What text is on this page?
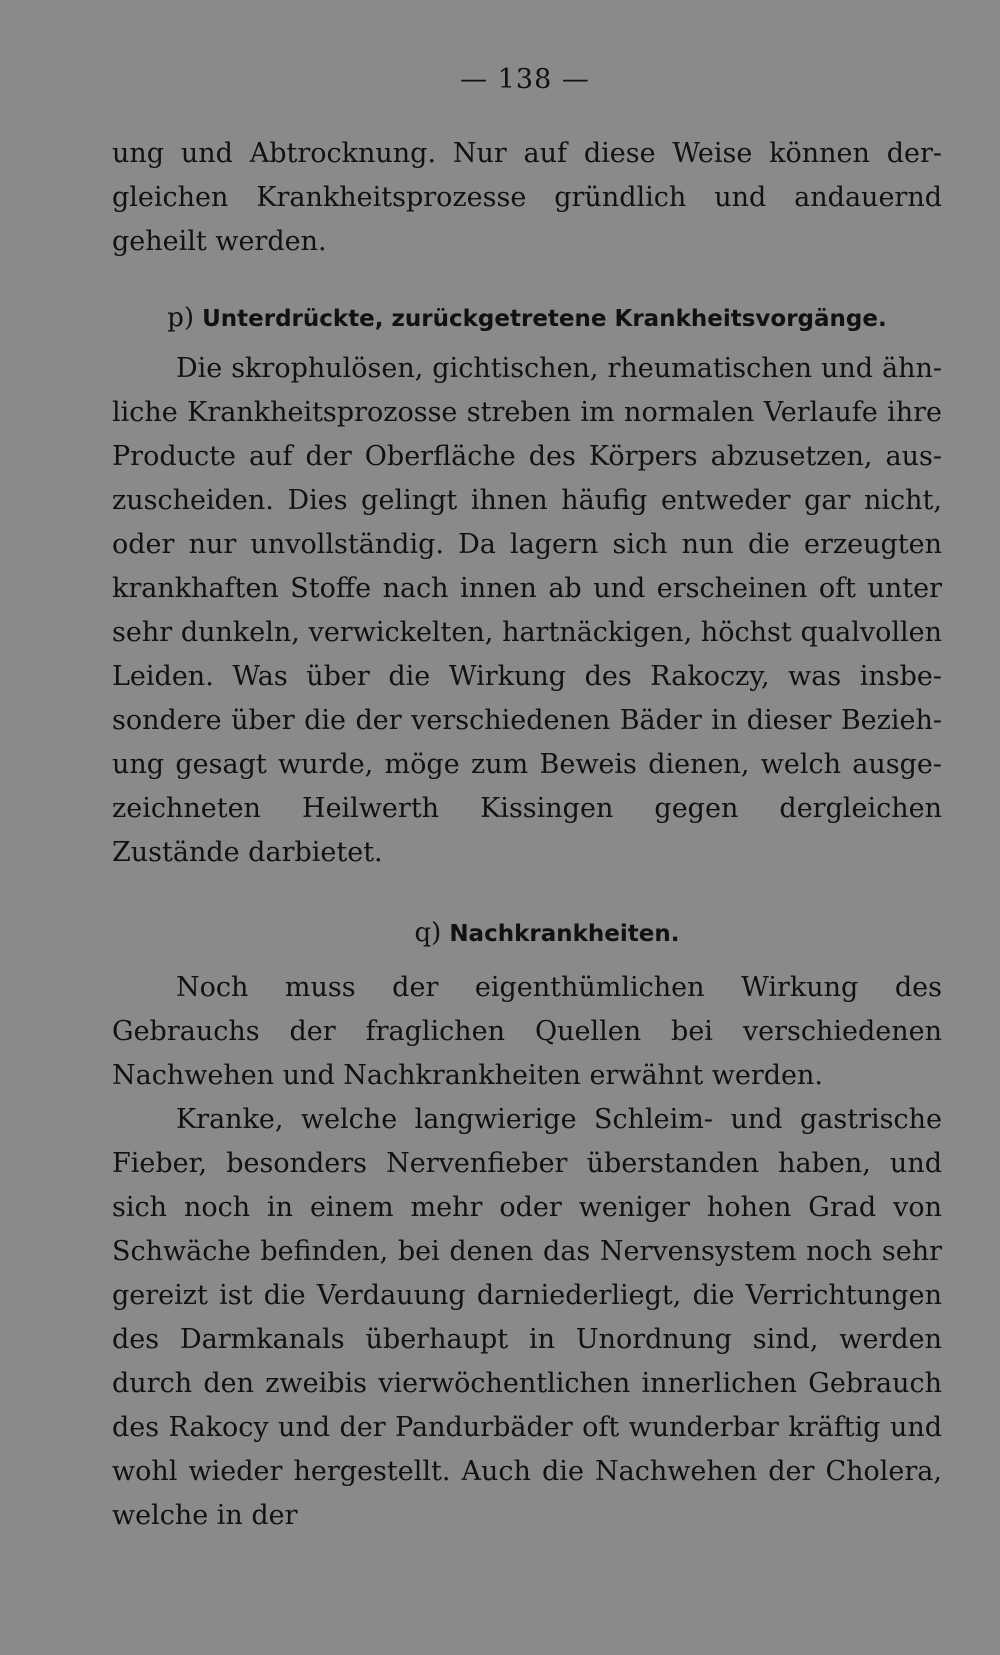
— 138 —

ung und Abtrocknung. Nur auf diese Weise können dergleichen Krankheitsprozesse gründlich und andauernd geheilt werden.

p) Unterdrückte, zurückgetretene Krankheitsvorgänge.

Die skrophulösen, gichtischen, rheumatischen und ähnliche Krankheitsprozosse streben im normalen Verlaufe ihre Producte auf der Oberfläche des Körpers abzusetzen, auszuscheiden. Dies gelingt ihnen häufig entweder gar nicht, oder nur unvollständig. Da lagern sich nun die erzeugten krankhaften Stoffe nach innen ab und erscheinen oft unter sehr dunkeln, verwickelten, hartnäckigen, höchst qualvollen Leiden. Was über die Wirkung des Rakoczy, was insbesondere über die der verschiedenen Bäder in dieser Beziehung gesagt wurde, möge zum Beweis dienen, welch ausgezeichneten Heilwerth Kissingen gegen dergleichen Zustände darbietet.

q) Nachkrankheiten.

Noch muss der eigenthümlichen Wirkung des Gebrauchs der fraglichen Quellen bei verschiedenen Nachwehen und Nachkrankheiten erwähnt werden.

Kranke, welche langwierige Schleim- und gastrische Fieber, besonders Nervenfieber überstanden haben, und sich noch in einem mehr oder weniger hohen Grad von Schwäche befinden, bei denen das Nervensystem noch sehr gereizt ist die Verdauung darniederliegt, die Verrichtungen des Darmkanals überhaupt in Unordnung sind, werden durch den zweibis vierwöchentlichen innerlichen Gebrauch des Rakocy und der Pandurbäder oft wunderbar kräftig und wohl wieder hergestellt. Auch die Nachwehen der Cholera, welche in der
